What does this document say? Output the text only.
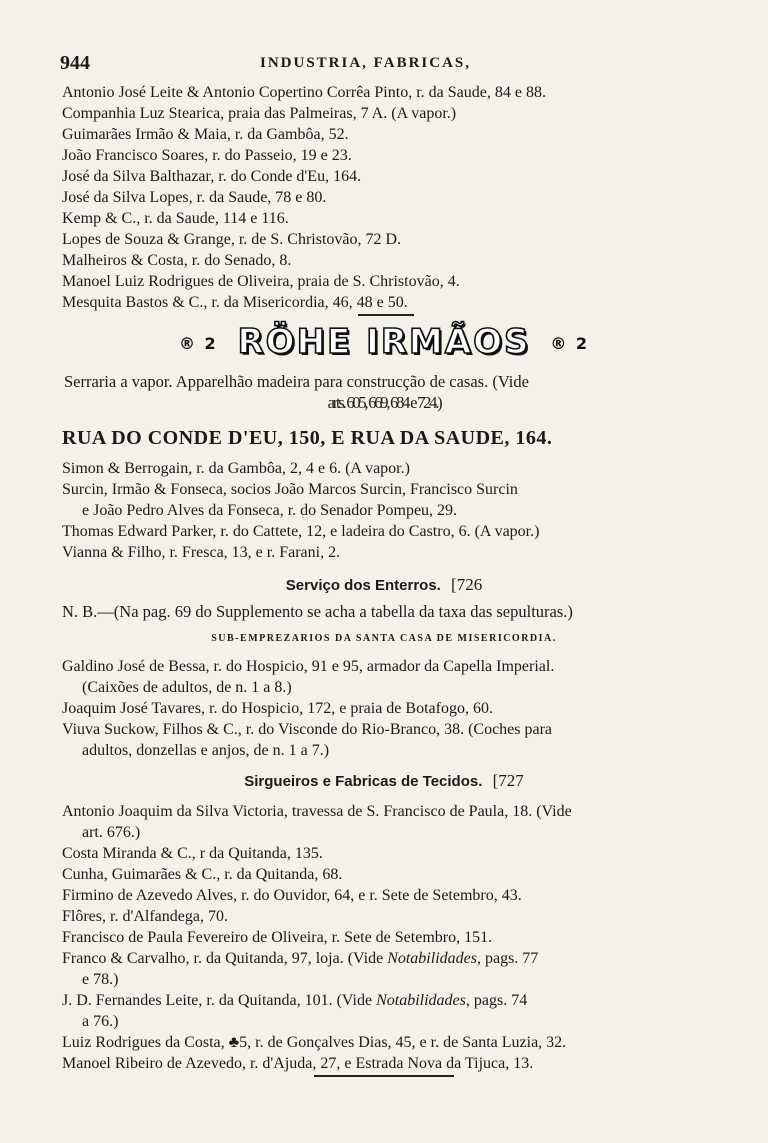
944	INDUSTRIA, FABRICAS,
Antonio José Leite & Antonio Copertino Corrêa Pinto, r. da Saude, 84 e 88.
Companhia Luz Stearica, praia das Palmeiras, 7 A. (A vapor.)
Guimarães Irmão & Maia, r. da Gambôa, 52.
João Francisco Soares, r. do Passeio, 19 e 23.
José da Silva Balthazar, r. do Conde d'Eu, 164.
José da Silva Lopes, r. da Saude, 78 e 80.
Kemp & C., r. da Saude, 114 e 116.
Lopes de Souza & Grange, r. de S. Christovão, 72 D.
Malheiros & Costa, r. do Senado, 8.
Manoel Luiz Rodrigues de Oliveira, praia de S. Christovão, 4.
Mesquita Bastos & C., r. da Misericordia, 46, 48 e 50.
® 2 RÖHE IRMÃOS ® 2
Serraria a vapor. Apparelhão madeira para construcção de casas. (Vide
arts. 605, 669, 684 e 724.)
RUA DO CONDE D'EU, 150, E RUA DA SAUDE, 164.
Simon & Berrogain, r. da Gambôa, 2, 4 e 6. (A vapor.)
Surcin, Irmão & Fonseca, socios João Marcos Surcin, Francisco Surcin
e João Pedro Alves da Fonseca, r. do Senador Pompeu, 29.
Thomas Edward Parker, r. do Cattete, 12, e ladeira do Castro, 6. (A vapor.)
Vianna & Filho, r. Fresca, 13, e r. Farani, 2.
Serviço dos Enterros. [726
N. B.—(Na pag. 69 do Supplemento se acha a tabella da taxa das sepulturas.)
SUB-EMPREZARIOS DA SANTA CASA DE MISERICORDIA.
Galdino José de Bessa, r. do Hospicio, 91 e 95, armador da Capella Imperial.
(Caixões de adultos, de n. 1 a 8.)
Joaquim José Tavares, r. do Hospicio, 172, e praia de Botafogo, 60.
Viuva Suckow, Filhos & C., r. do Visconde do Rio-Branco, 38. (Coches para
adultos, donzellas e anjos, de n. 1 a 7.)
Sirgueiros e Fabricas de Tecidos. [727
Antonio Joaquim da Silva Victoria, travessa de S. Francisco de Paula, 18. (Vide
art. 676.)
Costa Miranda & C., r da Quitanda, 135.
Cunha, Guimarães & C., r. da Quitanda, 68.
Firmino de Azevedo Alves, r. do Ouvidor, 64, e r. Sete de Setembro, 43.
Flôres, r. d'Alfandega, 70.
Francisco de Paula Fevereiro de Oliveira, r. Sete de Setembro, 151.
Franco & Carvalho, r. da Quitanda, 97, loja. (Vide Notabilidades, pags. 77
e 78.)
J. D. Fernandes Leite, r. da Quitanda, 101. (Vide Notabilidades, pags. 74
a 76.)
Luiz Rodrigues da Costa, ♣5, r. de Gonçalves Dias, 45, e r. de Santa Luzia, 32.
Manoel Ribeiro de Azevedo, r. d'Ajuda, 27, e Estrada Nova da Tijuca, 13.
